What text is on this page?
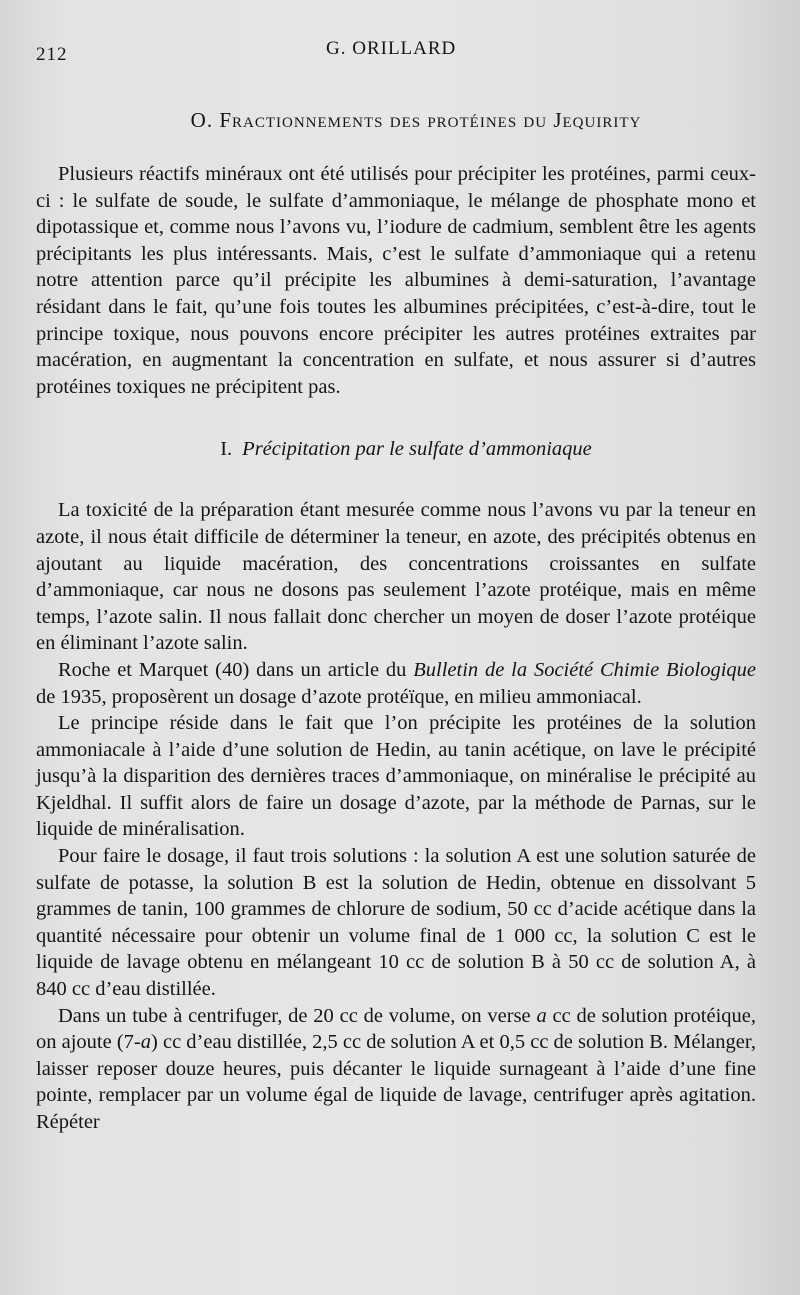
212	G. ORILLARD
O. Fractionnements des protéines du Jequirity

Plusieurs réactifs minéraux ont été utilisés pour précipiter les protéines, parmi ceux-ci : le sulfate de soude, le sulfate d’ammoniaque, le mélange de phosphate mono et dipotassique et, comme nous l’avons vu, l’iodure de cadmium, semblent être les agents précipitants les plus intéressants. Mais, c’est le sulfate d’ammoniaque qui a retenu notre attention parce qu’il précipite les albumines à demi-saturation, l’avantage résidant dans le fait, qu’une fois toutes les albumines précipitées, c’est-à-dire, tout le principe toxique, nous pouvons encore précipiter les autres protéines extraites par macération, en augmentant la concentration en sulfate, et nous assurer si d’autres protéines toxiques ne précipitent pas.

I. Précipitation par le sulfate d’ammoniaque

La toxicité de la préparation étant mesurée comme nous l’avons vu par la teneur en azote, il nous était difficile de déterminer la teneur, en azote, des précipités obtenus en ajoutant au liquide macération, des concentrations croissantes en sulfate d’ammoniaque, car nous ne dosons pas seulement l’azote protéique, mais en même temps, l’azote salin. Il nous fallait donc chercher un moyen de doser l’azote protéique en éliminant l’azote salin.

Roche et Marquet (40) dans un article du Bulletin de la Société Chimie Biologique de 1935, proposèrent un dosage d’azote protéïque, en milieu ammoniacal.

Le principe réside dans le fait que l’on précipite les protéines de la solution ammoniacale à l’aide d’une solution de Hedin, au tanin acétique, on lave le précipité jusqu’à la disparition des dernières traces d’ammoniaque, on minéralise le précipité au Kjeldhal. Il suffit alors de faire un dosage d’azote, par la méthode de Parnas, sur le liquide de minéralisation.

Pour faire le dosage, il faut trois solutions : la solution A est une solution saturée de sulfate de potasse, la solution B est la solution de Hedin, obtenue en dissolvant 5 grammes de tanin, 100 grammes de chlorure de sodium, 50 cc d’acide acétique dans la quantité nécessaire pour obtenir un volume final de 1 000 cc, la solution C est le liquide de lavage obtenu en mélangeant 10 cc de solution B à 50 cc de solution A, à 840 cc d’eau distillée.

Dans un tube à centrifuger, de 20 cc de volume, on verse a cc de solution protéique, on ajoute (7-a) cc d’eau distillée, 2,5 cc de solution A et 0,5 cc de solution B. Mélanger, laisser reposer douze heures, puis décanter le liquide surnageant à l’aide d’une fine pointe, remplacer par un volume égal de liquide de lavage, centrifuger après agitation. Répéter
